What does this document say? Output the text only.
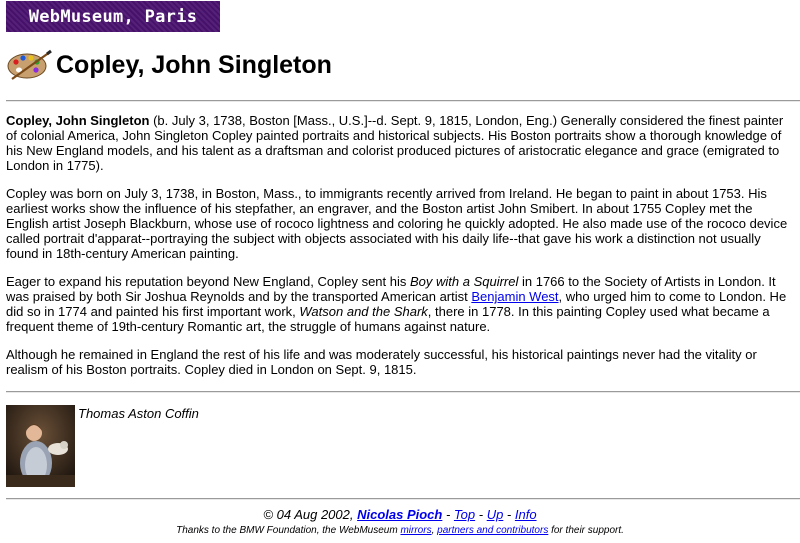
WebMuseum, Paris
Copley, John Singleton

Copley, John Singleton (b. July 3, 1738, Boston [Mass., U.S.]--d. Sept. 9, 1815, London, Eng.) Generally considered the finest painter of colonial America, John Singleton Copley painted portraits and historical subjects. His Boston portraits show a thorough knowledge of his New England models, and his talent as a draftsman and colorist produced pictures of aristocratic elegance and grace (emigrated to London in 1775).

Copley was born on July 3, 1738, in Boston, Mass., to immigrants recently arrived from Ireland. He began to paint in about 1753. His earliest works show the influence of his stepfather, an engraver, and the Boston artist John Smibert. In about 1755 Copley met the English artist Joseph Blackburn, whose use of rococo lightness and coloring he quickly adopted. He also made use of the rococo device called portrait d'apparat--portraying the subject with objects associated with his daily life--that gave his work a distinction not usually found in 18th-century American painting.

Eager to expand his reputation beyond New England, Copley sent his Boy with a Squirrel in 1766 to the Society of Artists in London. It was praised by both Sir Joshua Reynolds and by the transported American artist Benjamin West, who urged him to come to London. He did so in 1774 and painted his first important work, Watson and the Shark, there in 1778. In this painting Copley used what became a frequent theme of 19th-century Romantic art, the struggle of humans against nature.

Although he remained in England the rest of his life and was moderately successful, his historical paintings never had the vitality or realism of his Boston portraits. Copley died in London on Sept. 9, 1815.

Thomas Aston Coffin
© 04 Aug 2002, Nicolas Pioch - Top - Up - Info
Thanks to the BMW Foundation, the WebMuseum mirrors, partners and contributors for their support.
